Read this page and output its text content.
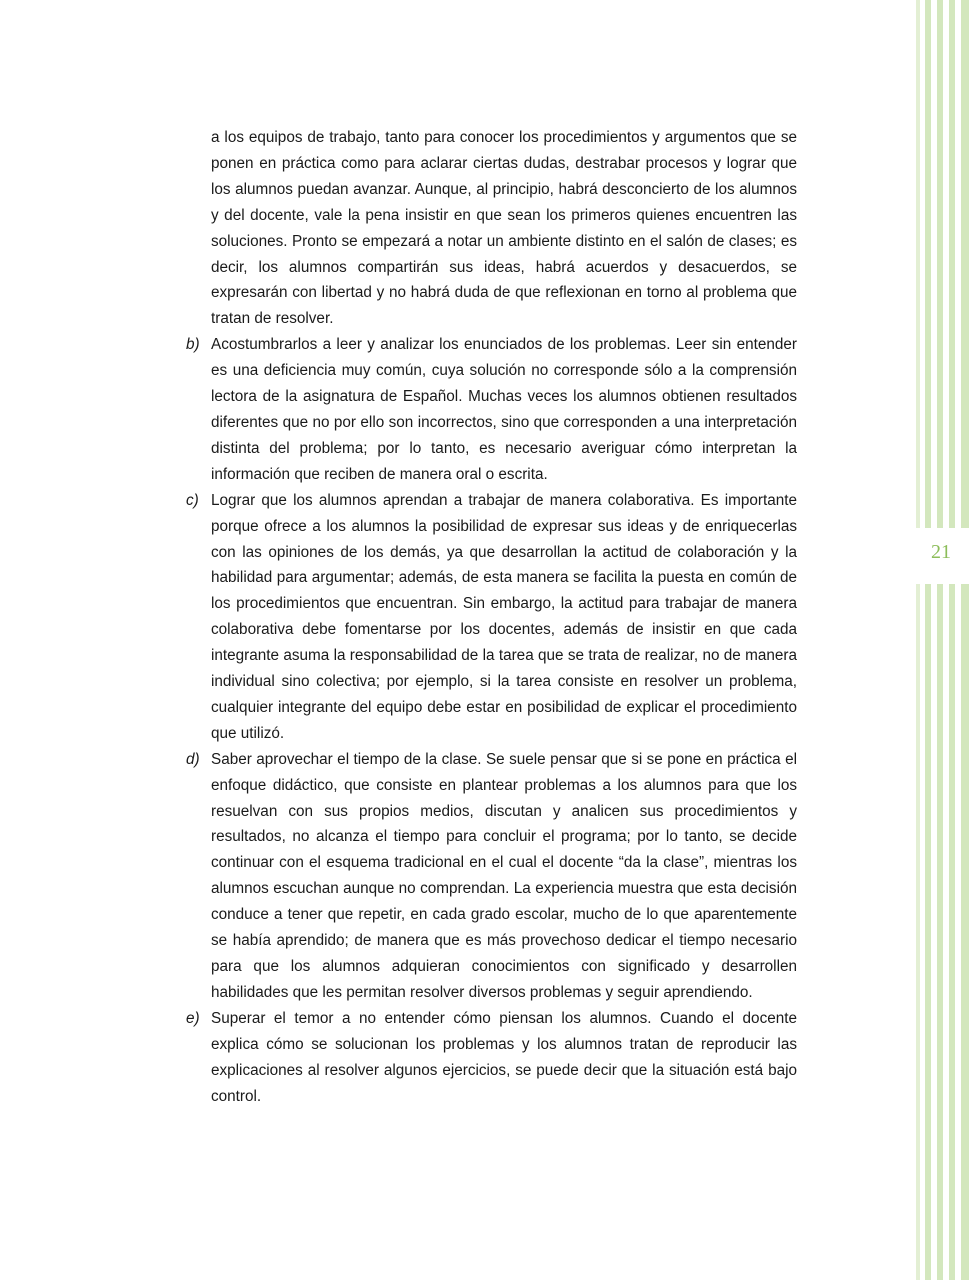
21

a los equipos de trabajo, tanto para conocer los procedimientos y argumentos que se ponen en práctica como para aclarar ciertas dudas, destrabar procesos y lograr que los alumnos puedan avanzar. Aunque, al principio, habrá desconcierto de los alumnos y del docente, vale la pena insistir en que sean los primeros quienes encuentren las soluciones. Pronto se empezará a notar un ambiente distinto en el salón de clases; es decir, los alumnos compartirán sus ideas, habrá acuerdos y desacuerdos, se expresarán con libertad y no habrá duda de que reflexionan en torno al problema que tratan de resolver.

b) Acostumbrarlos a leer y analizar los enunciados de los problemas. Leer sin entender es una deficiencia muy común, cuya solución no corresponde sólo a la comprensión lectora de la asignatura de Español. Muchas veces los alumnos obtienen resultados diferentes que no por ello son incorrectos, sino que corresponden a una interpretación distinta del problema; por lo tanto, es necesario averiguar cómo interpretan la información que reciben de manera oral o escrita.

c) Lograr que los alumnos aprendan a trabajar de manera colaborativa. Es importante porque ofrece a los alumnos la posibilidad de expresar sus ideas y de enriquecerlas con las opiniones de los demás, ya que desarrollan la actitud de colaboración y la habilidad para argumentar; además, de esta manera se facilita la puesta en común de los procedimientos que encuentran. Sin embargo, la actitud para trabajar de manera colaborativa debe fomentarse por los docentes, además de insistir en que cada integrante asuma la responsabilidad de la tarea que se trata de realizar, no de manera individual sino colectiva; por ejemplo, si la tarea consiste en resolver un problema, cualquier integrante del equipo debe estar en posibilidad de explicar el procedimiento que utilizó.

d) Saber aprovechar el tiempo de la clase. Se suele pensar que si se pone en práctica el enfoque didáctico, que consiste en plantear problemas a los alumnos para que los resuelvan con sus propios medios, discutan y analicen sus procedimientos y resultados, no alcanza el tiempo para concluir el programa; por lo tanto, se decide continuar con el esquema tradicional en el cual el docente “da la clase”, mientras los alumnos escuchan aunque no comprendan. La experiencia muestra que esta decisión conduce a tener que repetir, en cada grado escolar, mucho de lo que aparentemente se había aprendido; de manera que es más provechoso dedicar el tiempo necesario para que los alumnos adquieran conocimientos con significado y desarrollen habilidades que les permitan resolver diversos problemas y seguir aprendiendo.

e) Superar el temor a no entender cómo piensan los alumnos. Cuando el docente explica cómo se solucionan los problemas y los alumnos tratan de reproducir las explicaciones al resolver algunos ejercicios, se puede decir que la situación está bajo control.
